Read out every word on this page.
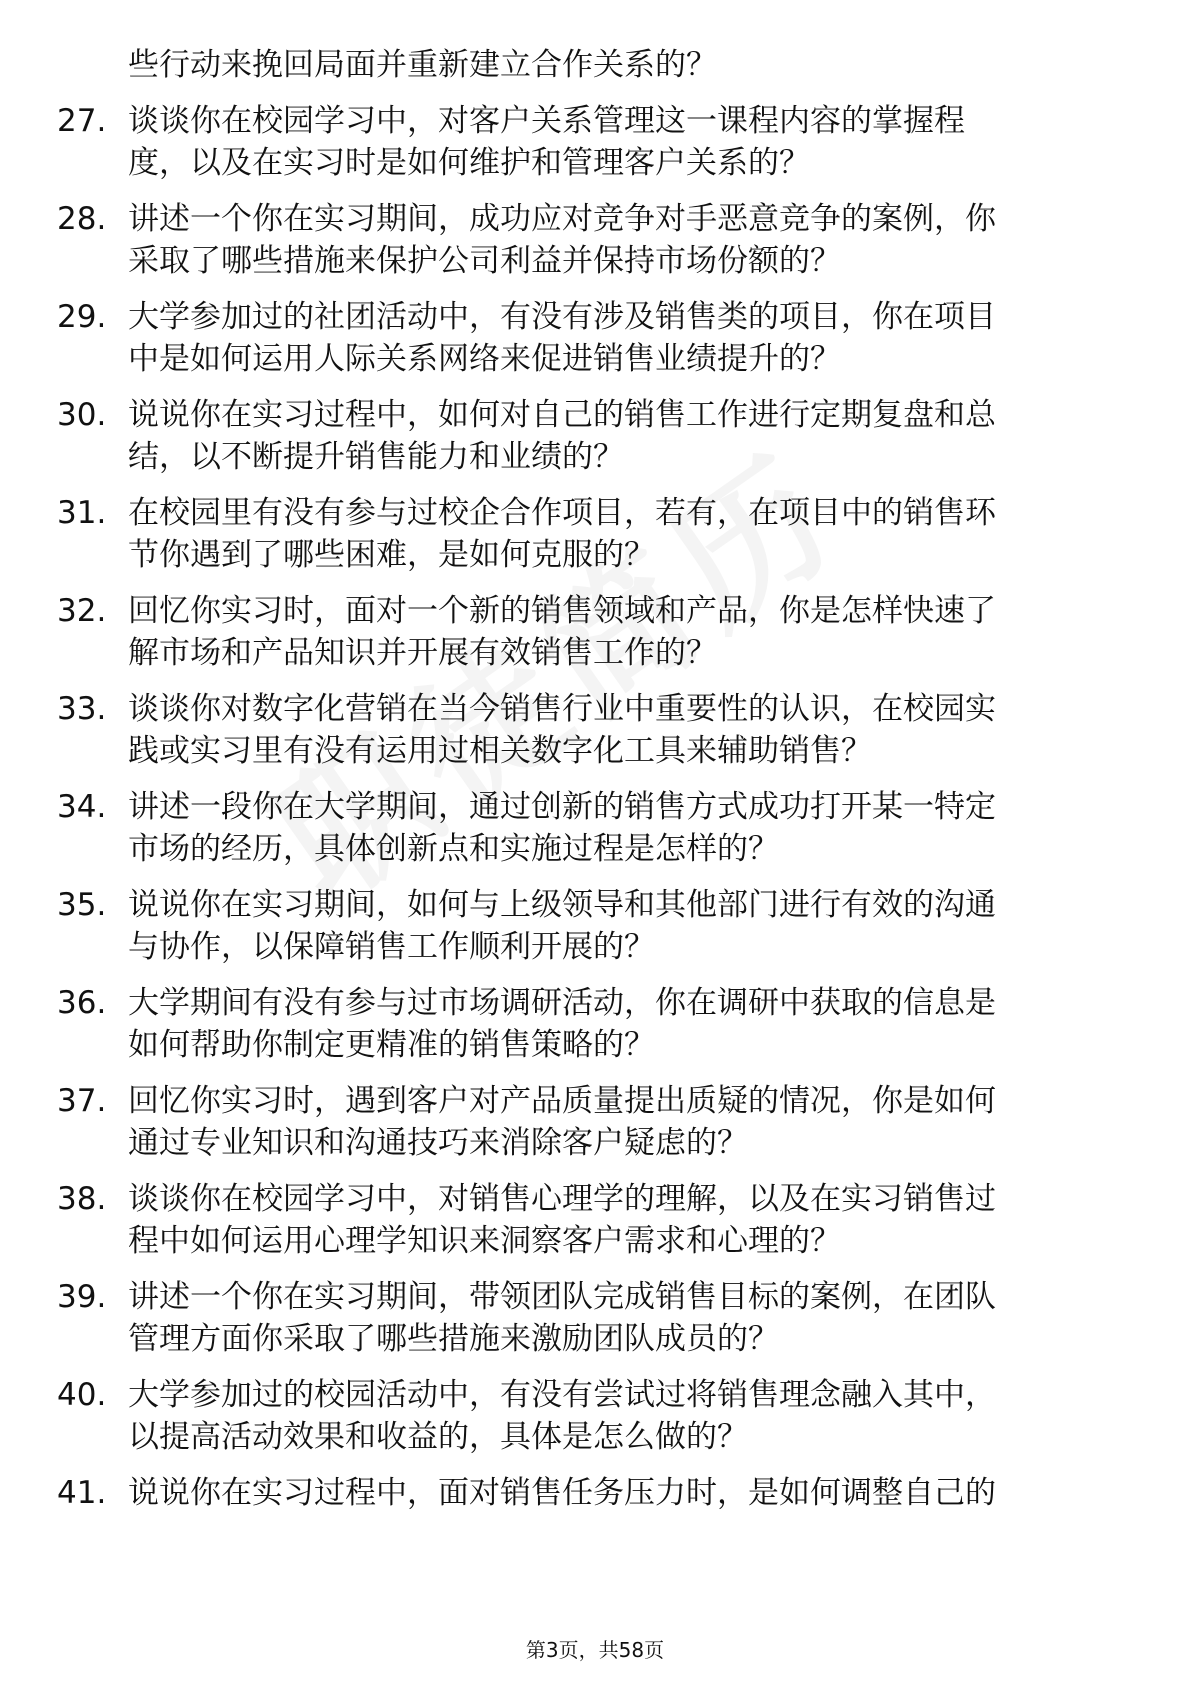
些行动来挽回局面并重新建立合作关系的？
27. 谈谈你在校园学习中，对客户关系管理这一课程内容的掌握程
度，以及在实习时是如何维护和管理客户关系的？
28. 讲述一个你在实习期间，成功应对竞争对手恶意竞争的案例，你
采取了哪些措施来保护公司利益并保持市场份额的？
29. 大学参加过的社团活动中，有没有涉及销售类的项目，你在项目
中是如何运用人际关系网络来促进销售业绩提升的？
30. 说说你在实习过程中，如何对自己的销售工作进行定期复盘和总
结，以不断提升销售能力和业绩的？
31. 在校园里有没有参与过校企合作项目，若有，在项目中的销售环
节你遇到了哪些困难，是如何克服的？
32. 回忆你实习时，面对一个新的销售领域和产品，你是怎样快速了
解市场和产品知识并开展有效销售工作的？
33. 谈谈你对数字化营销在当今销售行业中重要性的认识，在校园实
践或实习里有没有运用过相关数字化工具来辅助销售？
34. 讲述一段你在大学期间，通过创新的销售方式成功打开某一特定
市场的经历，具体创新点和实施过程是怎样的？
35. 说说你在实习期间，如何与上级领导和其他部门进行有效的沟通
与协作，以保障销售工作顺利开展的？
36. 大学期间有没有参与过市场调研活动，你在调研中获取的信息是
如何帮助你制定更精准的销售策略的？
37. 回忆你实习时，遇到客户对产品质量提出质疑的情况，你是如何
通过专业知识和沟通技巧来消除客户疑虑的？
38. 谈谈你在校园学习中，对销售心理学的理解，以及在实习销售过
程中如何运用心理学知识来洞察客户需求和心理的？
39. 讲述一个你在实习期间，带领团队完成销售目标的案例，在团队
管理方面你采取了哪些措施来激励团队成员的？
40. 大学参加过的校园活动中，有没有尝试过将销售理念融入其中，
以提高活动效果和收益的，具体是怎么做的？
41. 说说你在实习过程中，面对销售任务压力时，是如何调整自己的
第3页，共58页
